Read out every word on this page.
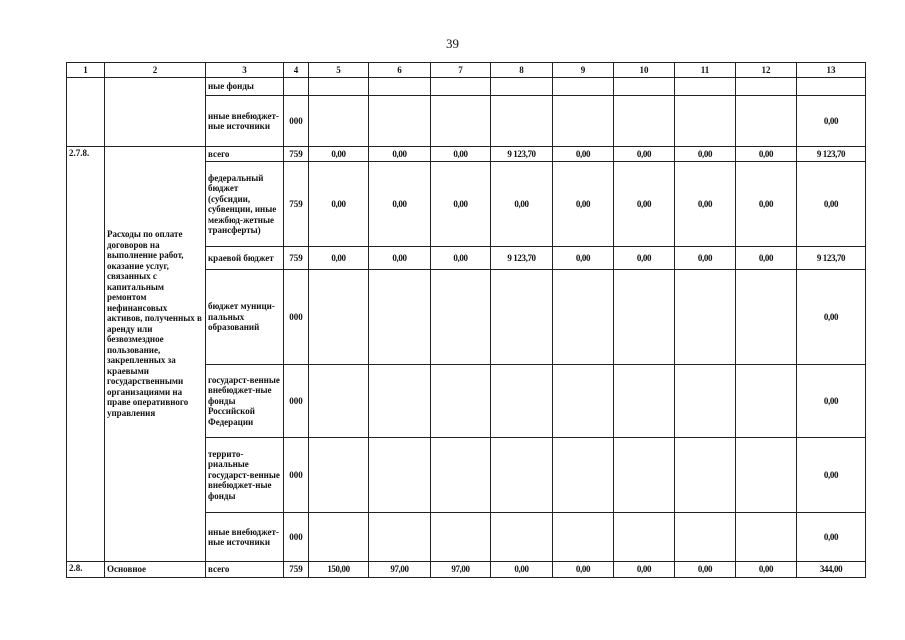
39
1	2	3	4	5	6	7	8	9	10	11	12	13
		ные фонды										
		иные внебюджет-ные источники	000									0,00
2.7.8.	Расходы по оплате договоров на выполнение работ, оказание услуг, связанных с капитальным ремонтом нефинансовых активов, полученных в аренду или безвозмездное пользование, закрепленных за краевыми государственными организациями на праве оперативного управления	всего	759	0,00	0,00	0,00	9 123,70	0,00	0,00	0,00	0,00	9 123,70
		федеральный бюджет (субсидии, субвенции, иные межбюд-жетные трансферты)	759	0,00	0,00	0,00	0,00	0,00	0,00	0,00	0,00	0,00
		краевой бюджет	759	0,00	0,00	0,00	9 123,70	0,00	0,00	0,00	0,00	9 123,70
		бюджет муници-пальных образований	000									0,00
		государст-венные внебюджет-ные фонды Российской Федерации	000									0,00
		террито-риальные государст-венные внебюджет-ные фонды	000									0,00
		иные внебюджет-ные источники	000									0,00
2.8.	Основное	всего	759	150,00	97,00	97,00	0,00	0,00	0,00	0,00	0,00	344,00
